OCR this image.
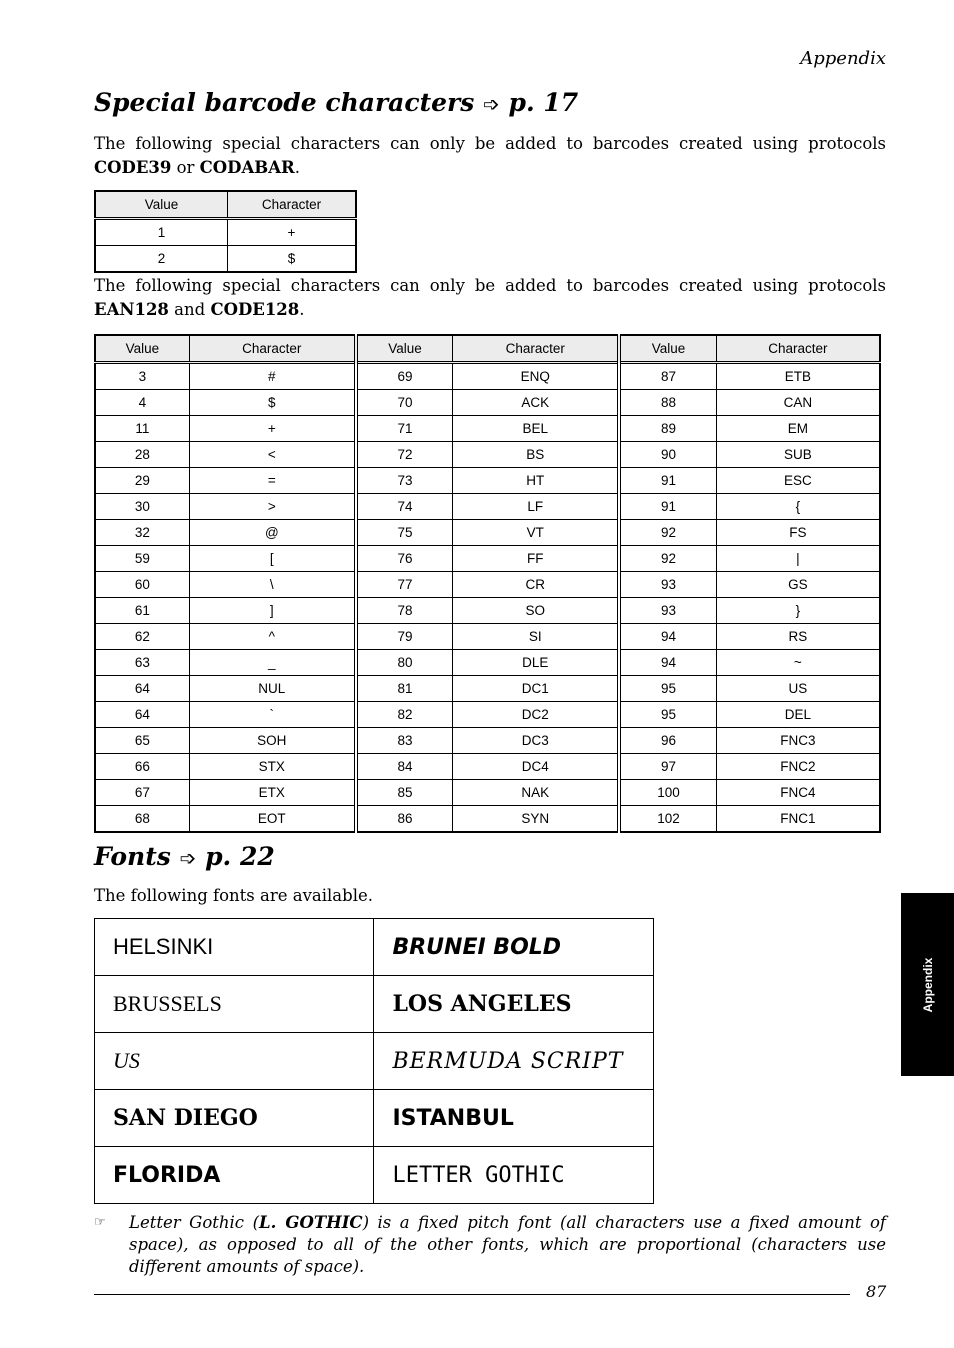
Appendix
Special barcode characters ➩ p. 17
The following special characters can only be added to barcodes created using protocols CODE39 or CODABAR.
Value	Character
1	+
2	$
The following special characters can only be added to barcodes created using protocols EAN128 and CODE128.
Value	Character	Value	Character	Value	Character
3	#	69	ENQ	87	ETB
4	$	70	ACK	88	CAN
11	+	71	BEL	89	EM
28	<	72	BS	90	SUB
29	=	73	HT	91	ESC
30	>	74	LF	91	{
32	@	75	VT	92	FS
59	[	76	FF	92	|
60	\	77	CR	93	GS
61	]	78	SO	93	}
62	^	79	SI	94	RS
63	_	80	DLE	94	~
64	NUL	81	DC1	95	US
64	`	82	DC2	95	DEL
65	SOH	83	DC3	96	FNC3
66	STX	84	DC4	97	FNC2
67	ETX	85	NAK	100	FNC4
68	EOT	86	SYN	102	FNC1
Fonts ➩ p. 22
The following fonts are available.
HELSINKI	BRUNEI BOLD
BRUSSELS	LOS ANGELES
US	BERMUDA SCRIPT
SAN DIEGO	ISTANBUL
FLORIDA	LETTER GOTHIC
☞ Letter Gothic (L. GOTHIC) is a fixed pitch font (all characters use a fixed amount of space), as opposed to all of the other fonts, which are proportional (characters use different amounts of space).
Appendix
87
